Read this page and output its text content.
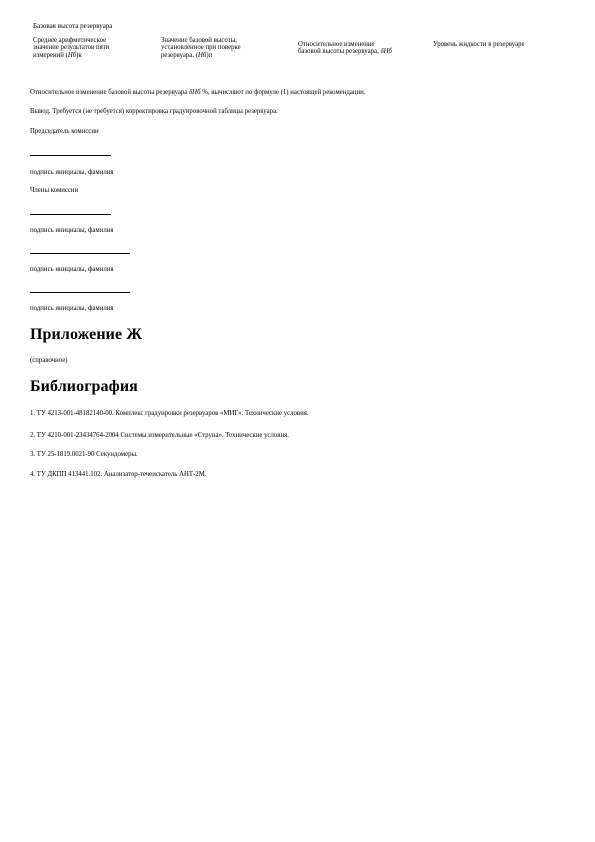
Базовая высота резервуара
Среднее арифметическое
значение результатов пяти
измерений (Hб)к
Значение базовой высоты,
установленное при поверке
резервуара, (Hб)п
Относительное изменение
базовой высоты резервуара, δHб
Уровень жидкости в резервуаре
Относительное изменение базовой высоты резервуара δHб %, вычисляют по формуле (1) настоящей рекомендации.
Вывод. Требуется (не требуется) корректировка градуировочной таблицы резервуара.
Председатель комиссии
подпись инициалы, фамилия
Члены комиссии
подпись инициалы, фамилия
подпись инициалы, фамилия
подпись инициалы, фамилия
Приложение Ж
(справочное)
Библиография
1. ТУ 4213-001-48182140-00. Комплекс градуировки резервуаров «МИГ». Технические условия.
2. ТУ 4210-001-23434764-2004 Системы измерительные «Струна». Технические условия.
3. ТУ 25-1819.0021-90 Секундомеры.
4. ТУ ДКПП 413441.102. Анализатор-течеискатель АНТ-2М.
